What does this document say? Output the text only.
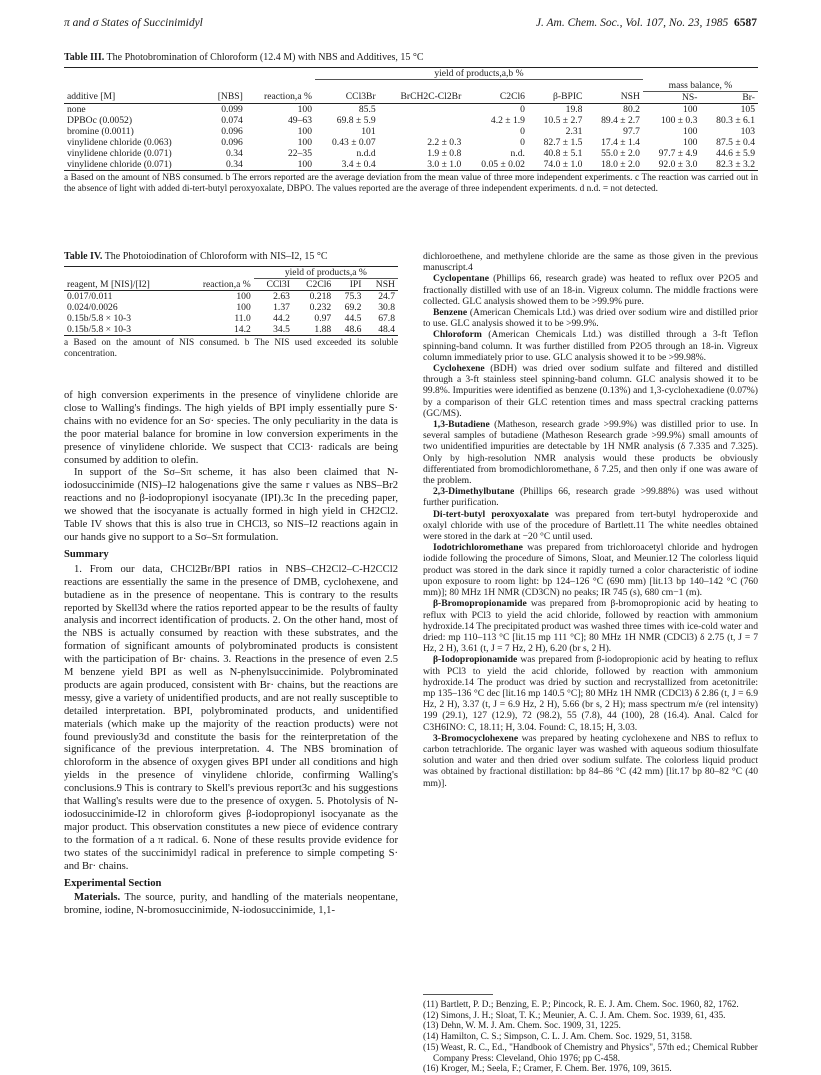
π and σ States of Succinimidyl	J. Am. Chem. Soc., Vol. 107, No. 23, 1985 6587
Table III. The Photobromination of Chloroform (12.4 M) with NBS and Additives, 15 °C
			yield of products,a,b %						
								mass balance, %	
additive [M]	[NBS]	reaction,a %	CCl3Br	BrCH2C-Cl2Br	C2Cl6	β-BPIC	NSH	NS-	Br-
none	0.099	100	85.5		0	19.8	80.2	100	105
DPBOc (0.0052)	0.074	49–63	69.8 ± 5.9		4.2 ± 1.9	10.5 ± 2.7	89.4 ± 2.7	100 ± 0.3	80.3 ± 6.1
bromine (0.0011)	0.096	100	101		0	2.31	97.7	100	103
vinylidene chloride (0.063)	0.096	100	0.43 ± 0.07	2.2 ± 0.3	0	82.7 ± 1.5	17.4 ± 1.4	100	87.5 ± 0.4
vinylidene chloride (0.071)	0.34	22–35	n.d.d	1.9 ± 0.8	n.d.	40.8 ± 5.1	55.0 ± 2.0	97.7 ± 4.9	44.6 ± 5.9
vinylidene chloride (0.071)	0.34	100	3.4 ± 0.4	3.0 ± 1.0	0.05 ± 0.02	74.0 ± 1.0	18.0 ± 2.0	92.0 ± 3.0	82.3 ± 3.2
a Based on the amount of NBS consumed. b The errors reported are the average deviation from the mean value of three more independent experiments. c The reaction was carried out in the absence of light with added di-tert-butyl peroxyoxalate, DBPO. The values reported are the average of three independent experiments. d n.d. = not detected.
Table IV. The Photoiodination of Chloroform with NIS–I2, 15 °C
		yield of products,a %			
reagent, M [NIS]/[I2]	reaction,a %	CCl3I	C2Cl6	IPI	NSH
0.017/0.011	100	2.63	0.218	75.3	24.7
0.024/0.0026	100	1.37	0.232	69.2	30.8
0.15b/5.8 × 10-3	11.0	44.2	0.97	44.5	67.8
0.15b/5.8 × 10-3	14.2	34.5	1.88	48.6	48.4
a Based on the amount of NIS consumed. b The NIS used exceeded its soluble concentration.

of high conversion experiments in the presence of vinylidene chloride are close to Walling's findings. The high yields of BPI imply essentially pure S· chains with no evidence for an Sσ· species. The only peculiarity in the data is the poor material balance for bromine in low conversion experiments in the presence of vinylidene chloride. We suspect that CCl3· radicals are being consumed by addition to olefin.

In support of the Sσ–Sπ scheme, it has also been claimed that N-iodosuccinimide (NIS)–I2 halogenations give the same r values as NBS–Br2 reactions and no β-iodopropionyl isocyanate (IPI).3c In the preceding paper, we showed that the isocyanate is actually formed in high yield in CH2Cl2. Table IV shows that this is also true in CHCl3, so NIS–I2 reactions again in our hands give no support to a Sσ–Sπ formulation.

Summary

1. From our data, CHCl2Br/BPI ratios in NBS–CH2Cl2–C-H2CCl2 reactions are essentially the same in the presence of DMB, cyclohexene, and butadiene as in the presence of neopentane. This is contrary to the results reported by Skell3d where the ratios reported appear to be the results of faulty analysis and incorrect identification of products. 2. On the other hand, most of the NBS is actually consumed by reaction with these substrates, and the formation of significant amounts of polybrominated products is consistent with the participation of Br· chains. 3. Reactions in the presence of even 2.5 M benzene yield BPI as well as N-phenylsuccinimide. Polybrominated products are again produced, consistent with Br· chains, but the reactions are messy, give a variety of unidentified products, and are not really susceptible to detailed interpretation. BPI, polybrominated products, and unidentified materials (which make up the majority of the reaction products) were not found previously3d and constitute the basis for the reinterpretation of the significance of the previous interpretation. 4. The NBS bromination of chloroform in the absence of oxygen gives BPI under all conditions and high yields in the presence of vinylidene chloride, confirming Walling's conclusions.9 This is contrary to Skell's previous report3c and his suggestions that Walling's results were due to the presence of oxygen. 5. Photolysis of N-iodosuccinimide-I2 in chloroform gives β-iodopropionyl isocyanate as the major product. This observation constitutes a new piece of evidence contrary to the formation of a π radical. 6. None of these results provide evidence for two states of the succinimidyl radical in preference to simple competing S· and Br· chains.

Experimental Section

Materials. The source, purity, and handling of the materials neopentane, bromine, iodine, N-bromosuccinimide, N-iodosuccinimide, 1,1-

dichloroethene, and methylene chloride are the same as those given in the previous manuscript.4

Cyclopentane (Phillips 66, research grade) was heated to reflux over P2O5 and fractionally distilled with use of an 18-in. Vigreux column. The middle fractions were collected. GLC analysis showed them to be >99.9% pure.

Benzene (American Chemicals Ltd.) was dried over sodium wire and distilled prior to use. GLC analysis showed it to be >99.9%.

Chloroform (American Chemicals Ltd.) was distilled through a 3-ft Teflon spinning-band column. It was further distilled from P2O5 through an 18-in. Vigreux column immediately prior to use. GLC analysis showed it to be >99.98%.

Cyclohexene (BDH) was dried over sodium sulfate and filtered and distilled through a 3-ft stainless steel spinning-band column. GLC analysis showed it to be 99.8%. Impurities were identified as benzene (0.13%) and 1,3-cyclohexadiene (0.07%) by a comparison of their GLC retention times and mass spectral cracking patterns (GC/MS).

1,3-Butadiene (Matheson, research grade >99.9%) was distilled prior to use. In several samples of butadiene (Matheson Research grade >99.9%) small amounts of two unidentified impurities are detectable by 1H NMR analysis (δ 7.335 and 7.325). Only by high-resolution NMR analysis would these products be obviously differentiated from bromodichloromethane, δ 7.25, and then only if one was aware of the problem.

2,3-Dimethylbutane (Phillips 66, research grade >99.88%) was used without further purification.

Di-tert-butyl peroxyoxalate was prepared from tert-butyl hydroperoxide and oxalyl chloride with use of the procedure of Bartlett.11 The white needles obtained were stored in the dark at −20 °C until used.

Iodotrichloromethane was prepared from trichloroacetyl chloride and hydrogen iodide following the procedure of Simons, Sloat, and Meunier.12 The colorless liquid product was stored in the dark since it rapidly turned a color characteristic of iodine upon exposure to room light: bp 124–126 °C (690 mm) [lit.13 bp 140–142 °C (760 mm)]; 80 MHz 1H NMR (CD3CN) no peaks; IR 745 (s), 680 cm−1 (m).

β-Bromopropionamide was prepared from β-bromopropionic acid by heating to reflux with PCl3 to yield the acid chloride, followed by reaction with ammonium hydroxide.14 The precipitated product was washed three times with ice-cold water and dried: mp 110–113 °C [lit.15 mp 111 °C]; 80 MHz 1H NMR (CDCl3) δ 2.75 (t, J = 7 Hz, 2 H), 3.61 (t, J = 7 Hz, 2 H), 6.20 (br s, 2 H).

β-Iodopropionamide was prepared from β-iodopropionic acid by heating to reflux with PCl3 to yield the acid chloride, followed by reaction with ammonium hydroxide.14 The product was dried by suction and recrystallized from acetonitrile: mp 135–136 °C dec [lit.16 mp 140.5 °C]; 80 MHz 1H NMR (CDCl3) δ 2.86 (t, J = 6.9 Hz, 2 H), 3.37 (t, J = 6.9 Hz, 2 H), 5.66 (br s, 2 H); mass spectrum m/e (rel intensity) 199 (29.1), 127 (12.9), 72 (98.2), 55 (7.8), 44 (100), 28 (16.4). Anal. Calcd for C3H6INO: C, 18.11; H, 3.04. Found: C, 18.15; H, 3.03.

3-Bromocyclohexene was prepared by heating cyclohexene and NBS to reflux to carbon tetrachloride. The organic layer was washed with aqueous sodium thiosulfate solution and water and then dried over sodium sulfate. The colorless liquid product was obtained by fractional distillation: bp 84–86 °C (42 mm) [lit.17 bp 80–82 °C (40 mm)].

(11) Bartlett, P. D.; Benzing, E. P.; Pincock, R. E. J. Am. Chem. Soc. 1960, 82, 1762.
(12) Simons, J. H.; Sloat, T. K.; Meunier, A. C. J. Am. Chem. Soc. 1939, 61, 435.
(13) Dehn, W. M. J. Am. Chem. Soc. 1909, 31, 1225.
(14) Hamilton, C. S.; Simpson, C. L. J. Am. Chem. Soc. 1929, 51, 3158.
(15) Weast, R. C., Ed., "Handbook of Chemistry and Physics", 57th ed.; Chemical Rubber Company Press: Cleveland, Ohio 1976; pp C-458.
(16) Kroger, M.; Seela, F.; Cramer, F. Chem. Ber. 1976, 109, 3615.
